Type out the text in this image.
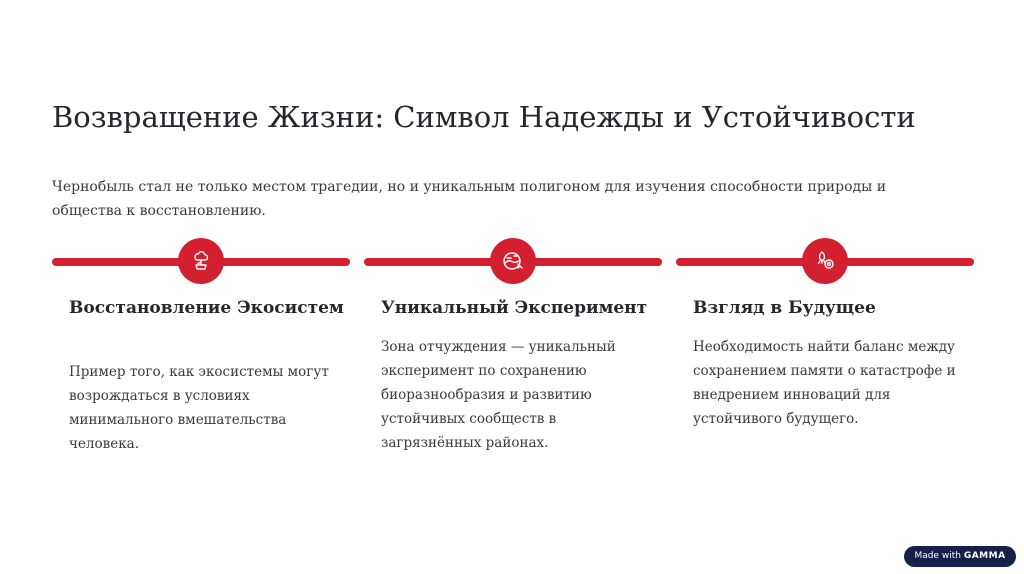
Возвращение Жизни: Символ Надежды и Устойчивости

Чернобыль стал не только местом трагедии, но и уникальным полигоном для изучения способности природы и общества к восстановлению.

Восстановление Экосистем

Пример того, как экосистемы могут возрождаться в условиях минимального вмешательства человека.

Уникальный Эксперимент

Зона отчуждения — уникальный эксперимент по сохранению биоразнообразия и развитию устойчивых сообществ в загрязнённых районах.

Взгляд в Будущее

Необходимость найти баланс между сохранением памяти о катастрофе и внедрением инноваций для устойчивого будущего.

Made with GAMMA
